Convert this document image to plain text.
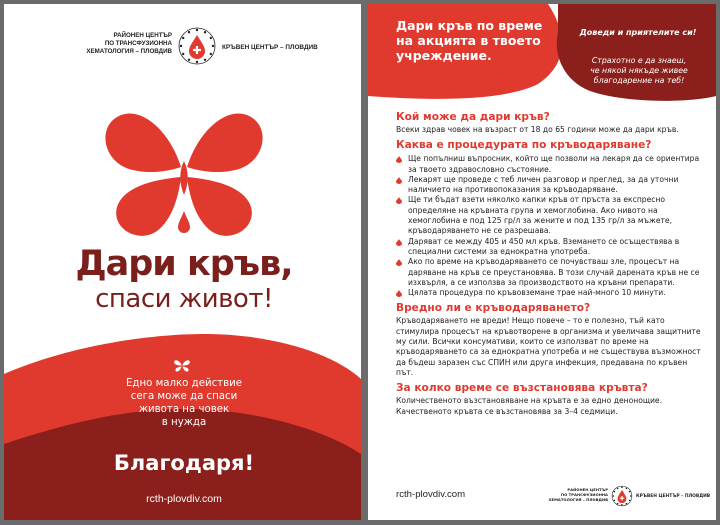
РАЙОНЕН ЦЕНТЪР
ПО ТРАНСФУЗИОННА
ХЕМАТОЛОГИЯ – ПЛОВДИВ
КРЪВЕН ЦЕНТЪР – ПЛОВДИВ
Дари кръв,
спаси живот!
Едно малко действие
сега може да спаси
живота на човек
в нужда
Благодаря!
rcth-plovdiv.com
Дари кръв по време
на акцията в твоето
учреждение.
Доведи и приятелите си!
Страхотно е да знаеш,
че някой някъде живее
благодарение на теб!
Кой може да дари кръв?
Всеки здрав човек на възраст от 18 до 65 години може да дари кръв.
Каква е процедурата по кръводаряване?
Ще попълниш въпросник, който ще позволи на лекаря да се ориентира за твоето здравословно състояние.
Лекарят ще проведе с теб личен разговор и преглед, за да уточни наличието на противопоказания за кръводаряване.
Ще ти бъдат взети няколко капки кръв от пръста за експресно определяне на кръвната група и хемоглобина. Ако нивото на хемоглобина е под 125 гр/л за жените и под 135 гр/л за мъжете, кръводаряването не се разрешава.
Даряват се между 405 и 450 мл кръв. Вземането се осъществява в специални системи за еднократна употреба.
Ако по време на кръводаряването се почувстваш зле, процесът на даряване на кръв се преустановява. В този случай дарената кръв не се изхвърля, а се използва за производството на кръвни препарати.
Цялата процедура по кръвовземане трае най-много 10 минути.
Вредно ли е кръводаряването?
Кръводаряването не вреди! Нещо повече – то е полезно, тъй като стимулира процесът на кръвотворене в организма и увеличава защитните му сили. Всички консумативи, които се използват по време на кръводаряването са за еднократна употреба и не съществува възможност да бъдеш заразен със СПИН или друга инфекция, предавана по кръвен път.
За колко време се възстановява кръвта?
Количественото възстановяване на кръвта е за едно денонощие. Качественото кръвта се възстановява за 3–4 седмици.
rcth-plovdiv.com	РАЙОНЕН ЦЕНТЪР
ПО ТРАНСФУЗИОННА
ХЕМАТОЛОГИЯ – ПЛОВДИВ
КРЪВЕН ЦЕНТЪР – ПЛОВДИВ
